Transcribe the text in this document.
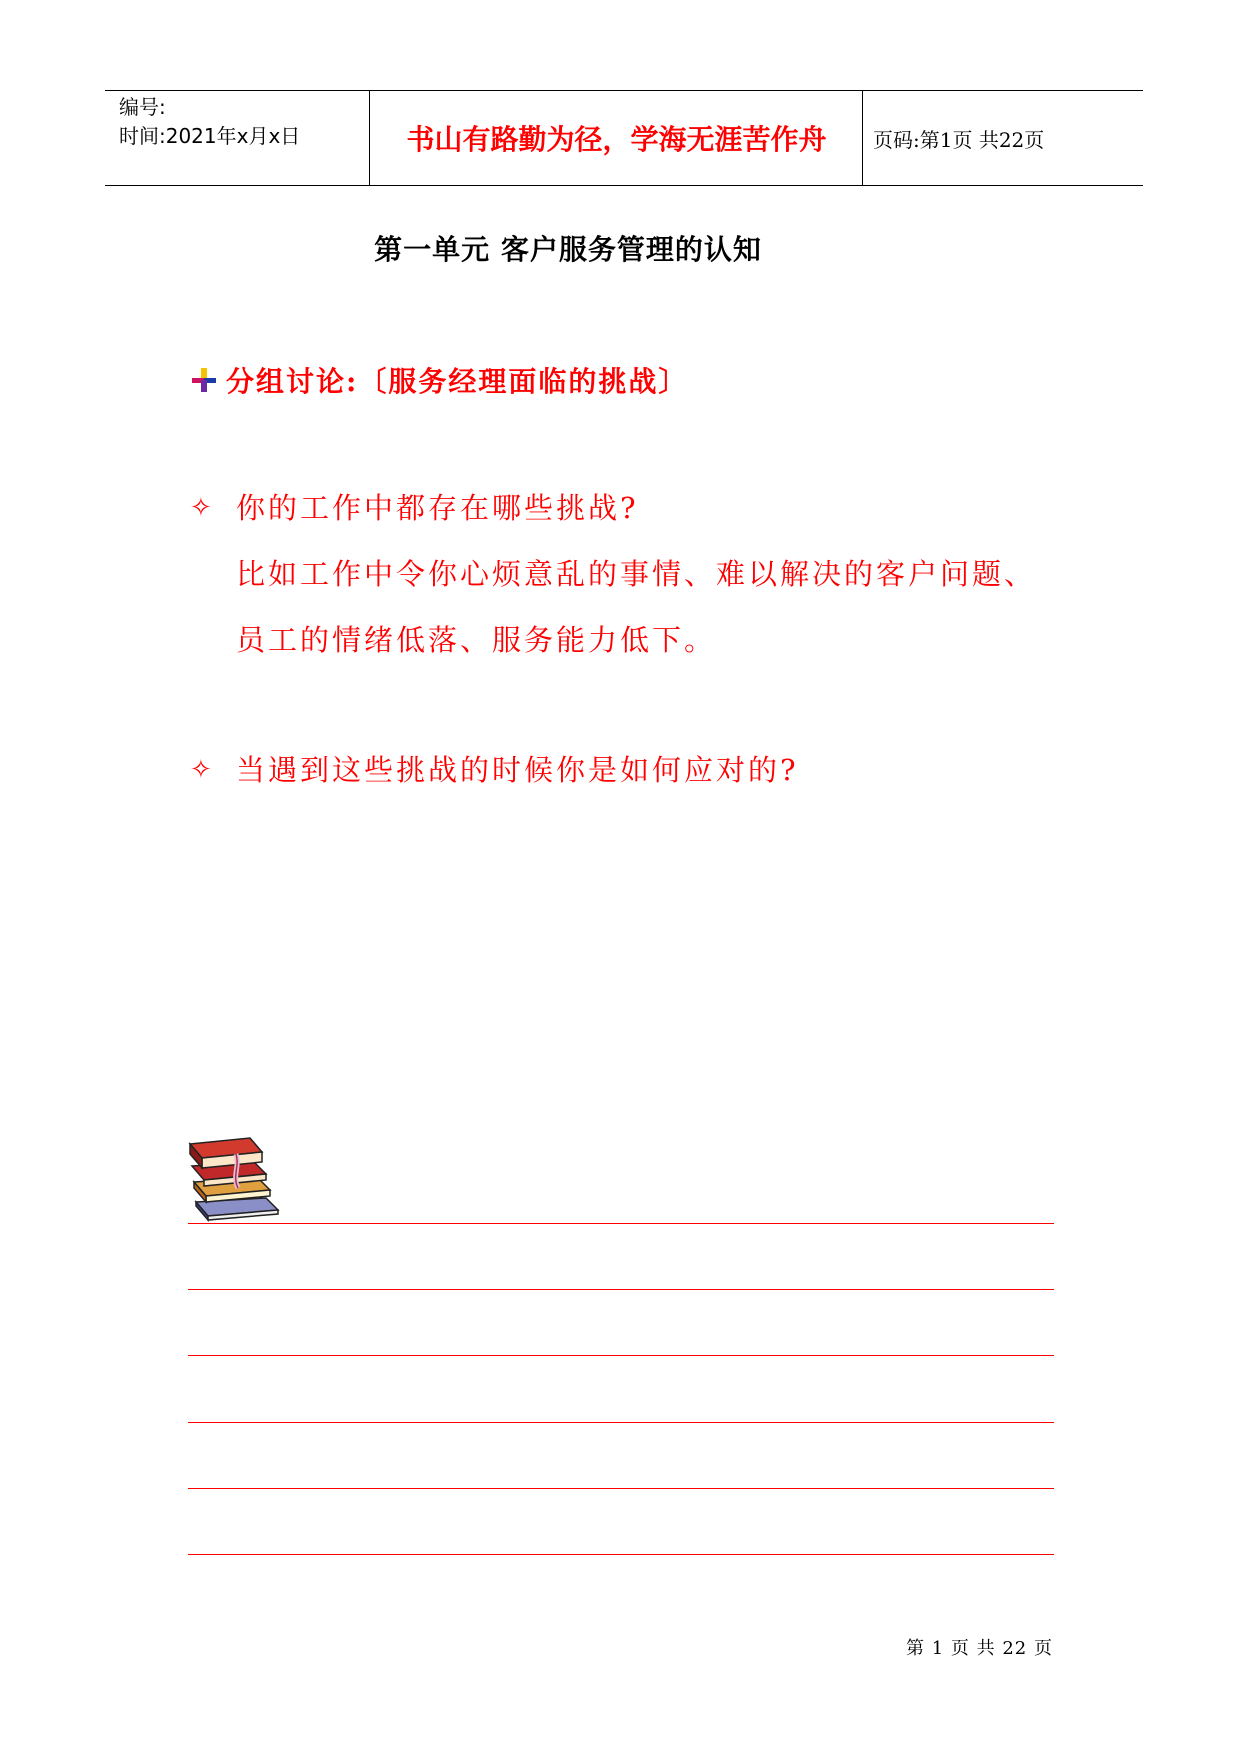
编号:
时间:2021年x月x日	书山有路勤为径，学海无涯苦作舟	页码:第1页 共22页
第一单元 客户服务管理的认知
分组讨论:〔服务经理面临的挑战〕
✧ 你的工作中都存在哪些挑战?
比如工作中令你心烦意乱的事情、难以解决的客户问题、
员工的情绪低落、服务能力低下。
✧ 当遇到这些挑战的时候你是如何应对的?
第 1 页 共 22 页
